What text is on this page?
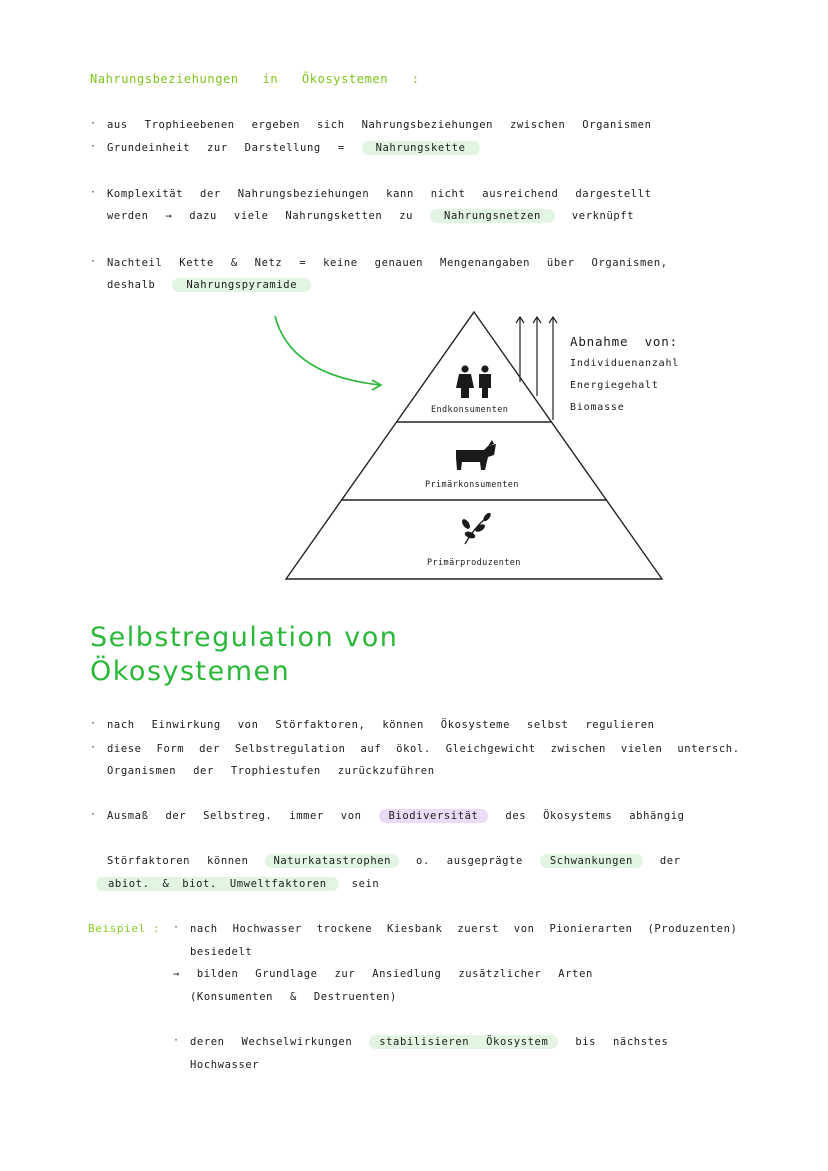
Nahrungsbeziehungen in Ökosystemen :
· aus Trophieebenen ergeben sich Nahrungsbeziehungen zwischen Organismen
· Grundeinheit zur Darstellung =	Nahrungskette
· Komplexität der Nahrungsbeziehungen kann nicht ausreichend dargestellt
werden → dazu viele Nahrungsketten zu	Nahrungsnetzen	verknüpft
· Nachteil Kette & Netz = keine genauen Mengenangaben über Organismen,
deshalb	Nahrungspyramide
Endkonsumenten
Primärkonsumenten
Primärproduzenten
Abnahme von:
Individuenanzahl
Energiegehalt
Biomasse
Selbstregulation von
Ökosystemen
· nach Einwirkung von Störfaktoren, können Ökosysteme selbst regulieren
· diese Form der Selbstregulation auf ökol. Gleichgewicht zwischen vielen untersch.
Organismen der Trophiestufen zurückzuführen
· Ausmaß der Selbstreg. immer von	Biodiversität	des Ökosystems abhängig
Störfaktoren können Naturkatastrophen o. ausgeprägte	Schwankungen	der
abiot. & biot. Umweltfaktoren sein
Beispiel : · nach Hochwasser trockene Kiesbank zuerst von Pionierarten (Produzenten)
besiedelt
→ bilden Grundlage zur Ansiedlung zusätzlicher Arten
(Konsumenten & Destruenten)
· deren Wechselwirkungen	stabilisieren Ökosystem	bis nächstes
Hochwasser
